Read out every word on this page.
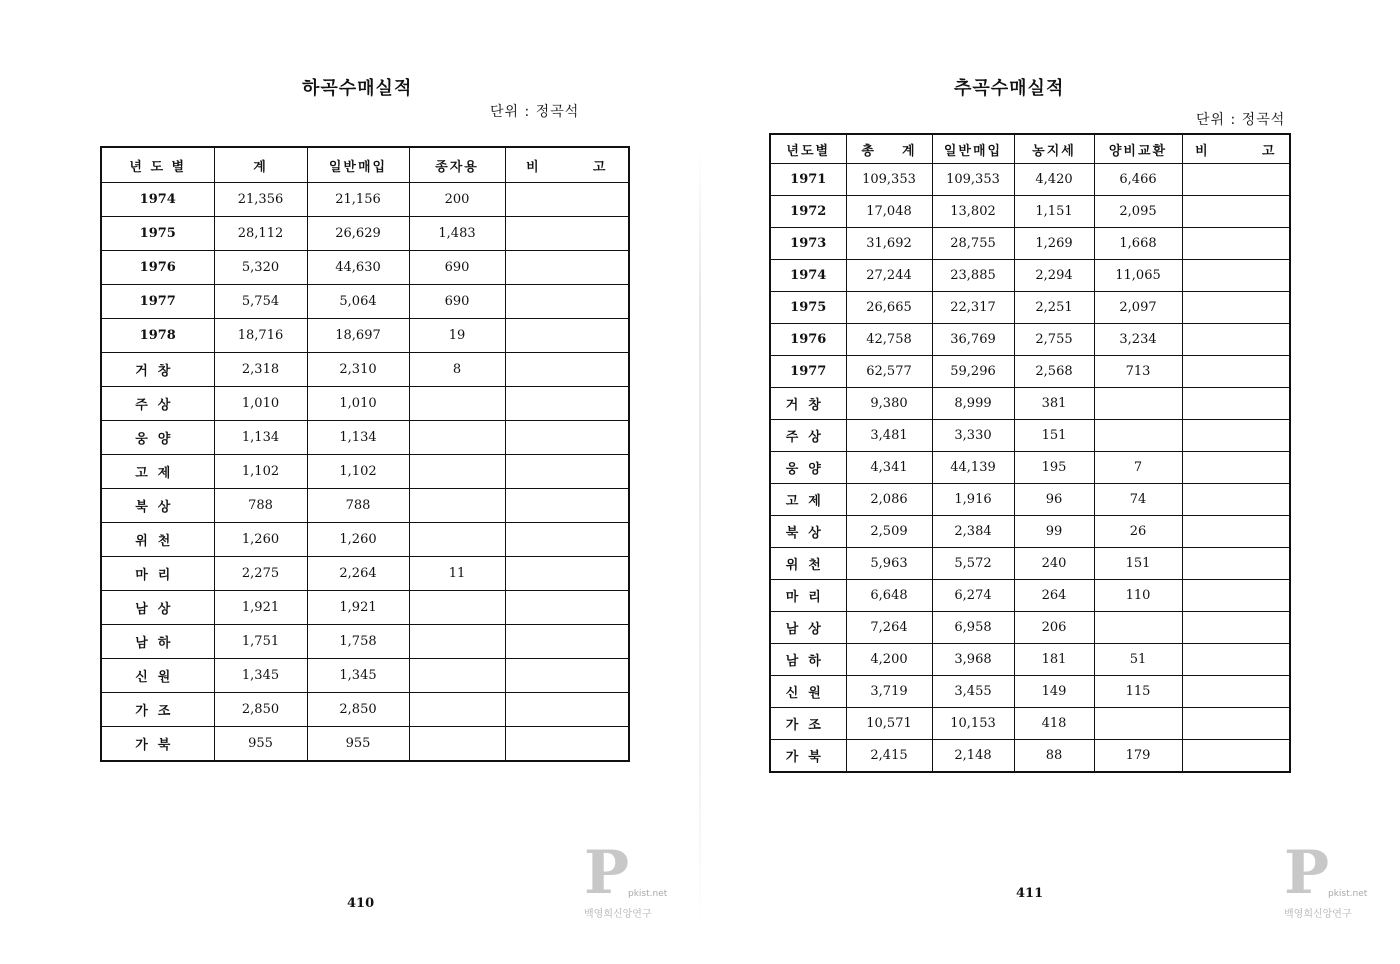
하곡수매실적
단위 : 정곡석
년 도 별	계	일반매입	종자용	비        고
1974	21,356	21,156	200	
1975	28,112	26,629	1,483	
1976	5,320	44,630	690	
1977	5,754	5,064	690	
1978	18,716	18,697	19	
거창	2,318	2,310	8	
주상	1,010	1,010		
웅양	1,134	1,134		
고제	1,102	1,102		
북상	788	788		
위천	1,260	1,260		
마리	2,275	2,264	11	
남상	1,921	1,921		
남하	1,751	1,758		
신원	1,345	1,345		
가조	2,850	2,850		
가북	955	955		
410	P
pkist.net
백영희신앙연구
추곡수매실적
단위 : 정곡석
년도별	총    계	일반매입	농지세	양비교환	비        고
1971	109,353	109,353	4,420	6,466	
1972	17,048	13,802	1,151	2,095	
1973	31,692	28,755	1,269	1,668	
1974	27,244	23,885	2,294	11,065	
1975	26,665	22,317	2,251	2,097	
1976	42,758	36,769	2,755	3,234	
1977	62,577	59,296	2,568	713	
거창	9,380	8,999	381		
주상	3,481	3,330	151		
웅양	4,341	44,139	195	7	
고제	2,086	1,916	96	74	
북상	2,509	2,384	99	26	
위천	5,963	5,572	240	151	
마리	6,648	6,274	264	110	
남상	7,264	6,958	206		
남하	4,200	3,968	181	51	
신원	3,719	3,455	149	115	
가조	10,571	10,153	418		
가북	2,415	2,148	88	179	
411	P
pkist.net
백영희신앙연구
